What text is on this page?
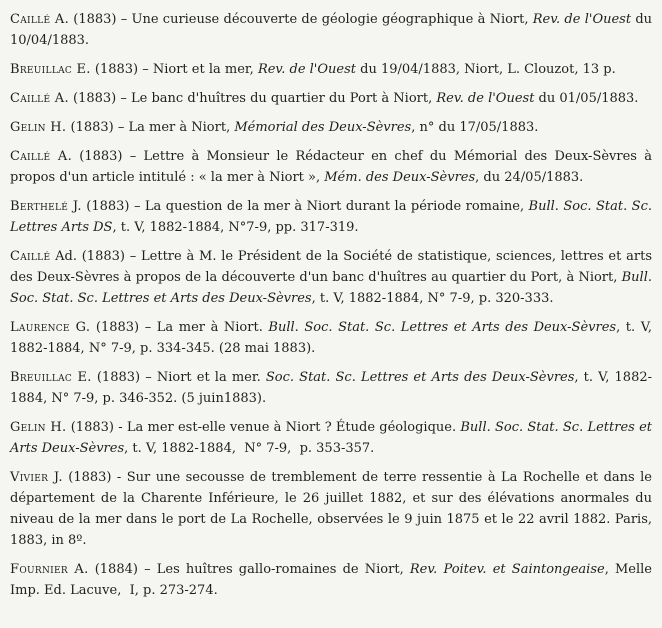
Caillé A. (1883) – Une curieuse découverte de géologie géographique à Niort, Rev. de l'Ouest du 10/04/1883.

Breuillac E. (1883) – Niort et la mer, Rev. de l'Ouest du 19/04/1883, Niort, L. Clouzot, 13 p.

Caillé A. (1883) – Le banc d'huîtres du quartier du Port à Niort, Rev. de l'Ouest du 01/05/1883.

Gelin H. (1883) – La mer à Niort, Mémorial des Deux-Sèvres, n° du 17/05/1883.

Caillé A. (1883) – Lettre à Monsieur le Rédacteur en chef du Mémorial des Deux-Sèvres à propos d'un article intitulé : « la mer à Niort », Mém. des Deux-Sèvres, du 24/05/1883.

Berthelé J. (1883) – La question de la mer à Niort durant la période romaine, Bull. Soc. Stat. Sc. Lettres Arts DS, t. V, 1882-1884, N°7-9, pp. 317-319.

Caillé Ad. (1883) – Lettre à M. le Président de la Société de statistique, sciences, lettres et arts des Deux-Sèvres à propos de la découverte d'un banc d'huîtres au quartier du Port, à Niort, Bull. Soc. Stat. Sc. Lettres et Arts des Deux-Sèvres, t. V, 1882-1884, N° 7-9, p. 320-333.

Laurence G. (1883) – La mer à Niort. Bull. Soc. Stat. Sc. Lettres et Arts des Deux-Sèvres, t. V, 1882-1884, N° 7-9, p. 334-345. (28 mai 1883).

Breuillac E. (1883) – Niort et la mer. Soc. Stat. Sc. Lettres et Arts des Deux-Sèvres, t. V, 1882-1884, N° 7-9, p. 346-352. (5 juin1883).

Gelin H. (1883) - La mer est-elle venue à Niort ? Étude géologique. Bull. Soc. Stat. Sc. Lettres et Arts Deux-Sèvres, t. V, 1882-1884,  N° 7-9,  p. 353-357.

Vivier J. (1883) - Sur une secousse de tremblement de terre ressentie à La Rochelle et dans le département de la Charente Inférieure, le 26 juillet 1882, et sur des élévations anormales du niveau de la mer dans le port de La Rochelle, observées le 9 juin 1875 et le 22 avril 1882. Paris, 1883, in 8º.

Fournier A. (1884) – Les huîtres gallo-romaines de Niort, Rev. Poitev. et Saintongeaise, Melle Imp. Ed. Lacuve,  I, p. 273-274.
